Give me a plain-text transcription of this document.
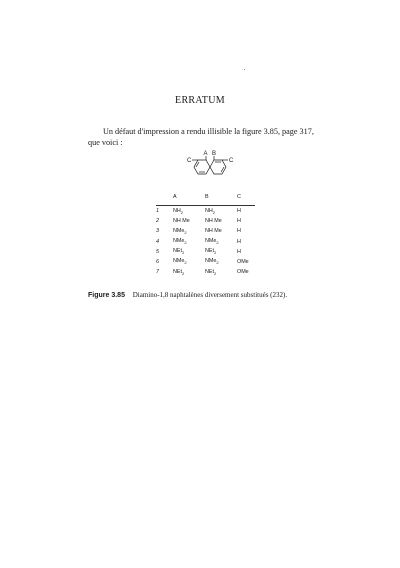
ERRATUM
Un défaut d'impression a rendu illisible la figure 3.85, page 317,
que voici :
C
A B
C
	A	B	C
1	$NH_2$	$NH_2$	H
2	NH Me	NH Me	H
3	NMe$_2$	NH Me	H
4	NMe$_2$	NMe$_2$	H
5	NEt$_2$	NEt$_2$	H
6	NMe$_2$	NMe$_2$	OMe
7	NEt$_2$	NEt$_2$	OMe
Figure 3.85 Diamino-1,8 naphtalènes diversement substitués (232).
